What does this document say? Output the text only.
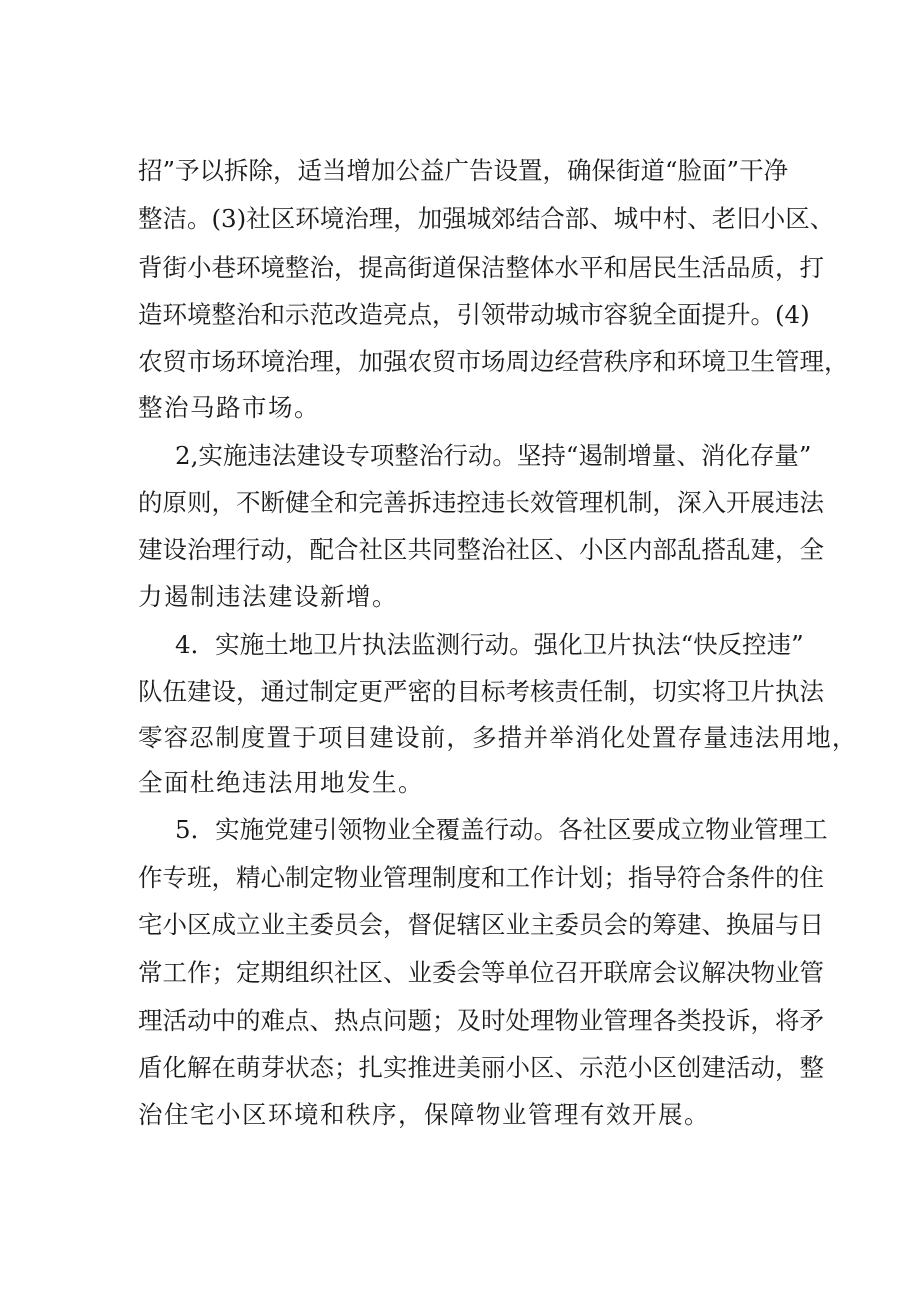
招”予以拆除，适当增加公益广告设置，确保街道“脸面”干净
整洁。(3)社区环境治理，加强城郊结合部、城中村、老旧小区、
背街小巷环境整治，提高街道保洁整体水平和居民生活品质，打
造环境整治和示范改造亮点，引领带动城市容貌全面提升。(4)
农贸市场环境治理，加强农贸市场周边经营秩序和环境卫生管理，
整治马路市场。
2,实施违法建设专项整治行动。坚持“遏制增量、消化存量”
的原则，不断健全和完善拆违控违长效管理机制，深入开展违法
建设治理行动，配合社区共同整治社区、小区内部乱搭乱建，全
力遏制违法建设新增。
4．实施土地卫片执法监测行动。强化卫片执法“快反控违”
队伍建设，通过制定更严密的目标考核责任制，切实将卫片执法
零容忍制度置于项目建设前，多措并举消化处置存量违法用地，
全面杜绝违法用地发生。
5．实施党建引领物业全覆盖行动。各社区要成立物业管理工
作专班，精心制定物业管理制度和工作计划；指导符合条件的住
宅小区成立业主委员会，督促辖区业主委员会的筹建、换届与日
常工作；定期组织社区、业委会等单位召开联席会议解决物业管
理活动中的难点、热点问题；及时处理物业管理各类投诉，将矛
盾化解在萌芽状态；扎实推进美丽小区、示范小区创建活动，整
治住宅小区环境和秩序，保障物业管理有效开展。
